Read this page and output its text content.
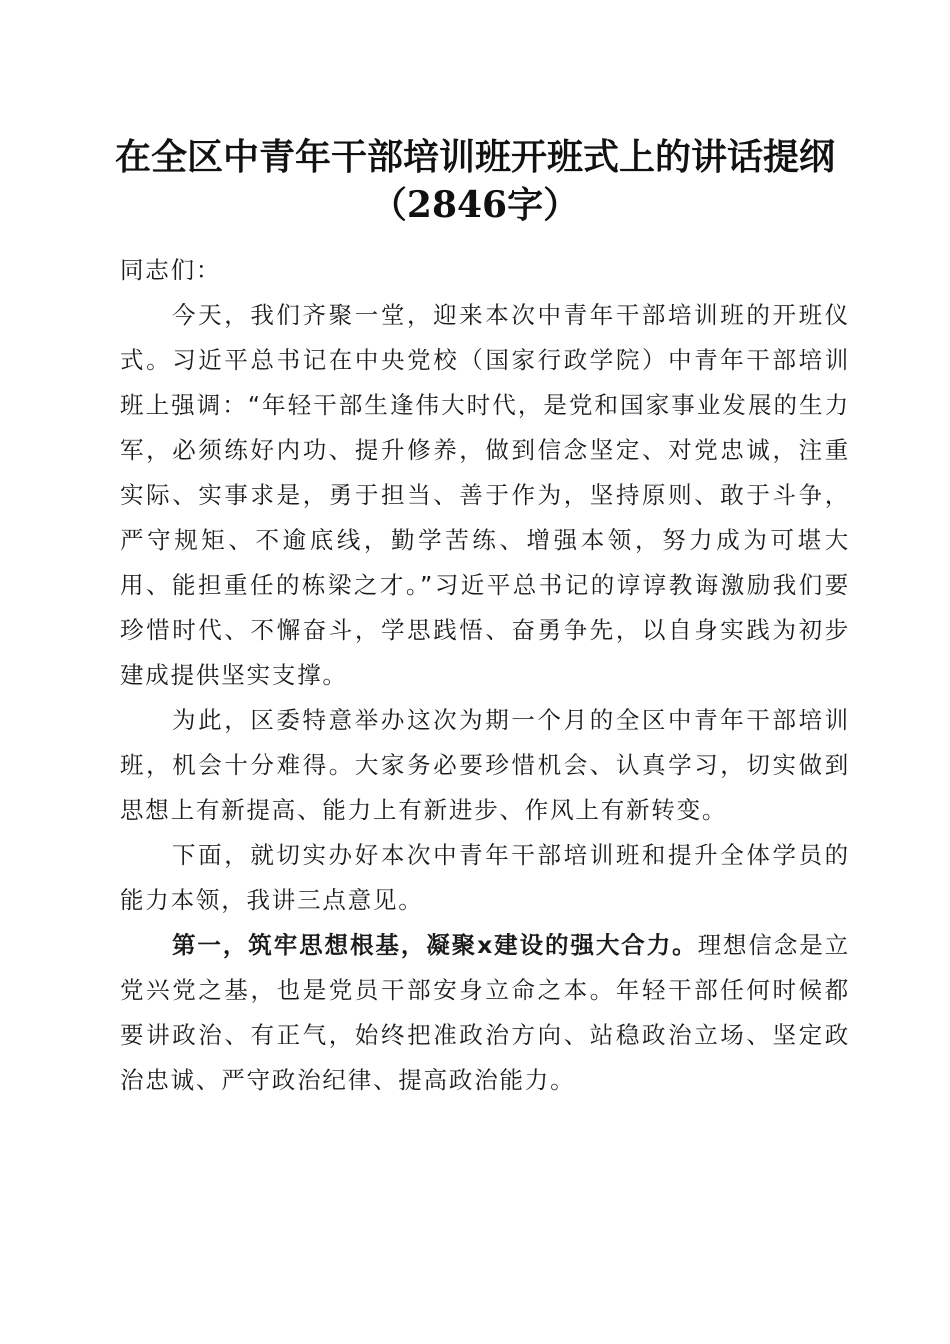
在全区中青年干部培训班开班式上的讲话提纲
（2846字）

同志们：

今天，我们齐聚一堂，迎来本次中青年干部培训班的开班仪式。习近平总书记在中央党校（国家行政学院）中青年干部培训班上强调：“年轻干部生逢伟大时代，是党和国家事业发展的生力军，必须练好内功、提升修养，做到信念坚定、对党忠诚，注重实际、实事求是，勇于担当、善于作为，坚持原则、敢于斗争，严守规矩、不逾底线，勤学苦练、增强本领，努力成为可堪大用、能担重任的栋梁之才。”习近平总书记的谆谆教诲激励我们要珍惜时代、不懈奋斗，学思践悟、奋勇争先，以自身实践为初步建成提供坚实支撑。

为此，区委特意举办这次为期一个月的全区中青年干部培训班，机会十分难得。大家务必要珍惜机会、认真学习，切实做到思想上有新提高、能力上有新进步、作风上有新转变。

下面，就切实办好本次中青年干部培训班和提升全体学员的能力本领，我讲三点意见。

第一，筑牢思想根基，凝聚x建设的强大合力。理想信念是立党兴党之基，也是党员干部安身立命之本。年轻干部任何时候都要讲政治、有正气，始终把准政治方向、站稳政治立场、坚定政治忠诚、严守政治纪律、提高政治能力。
